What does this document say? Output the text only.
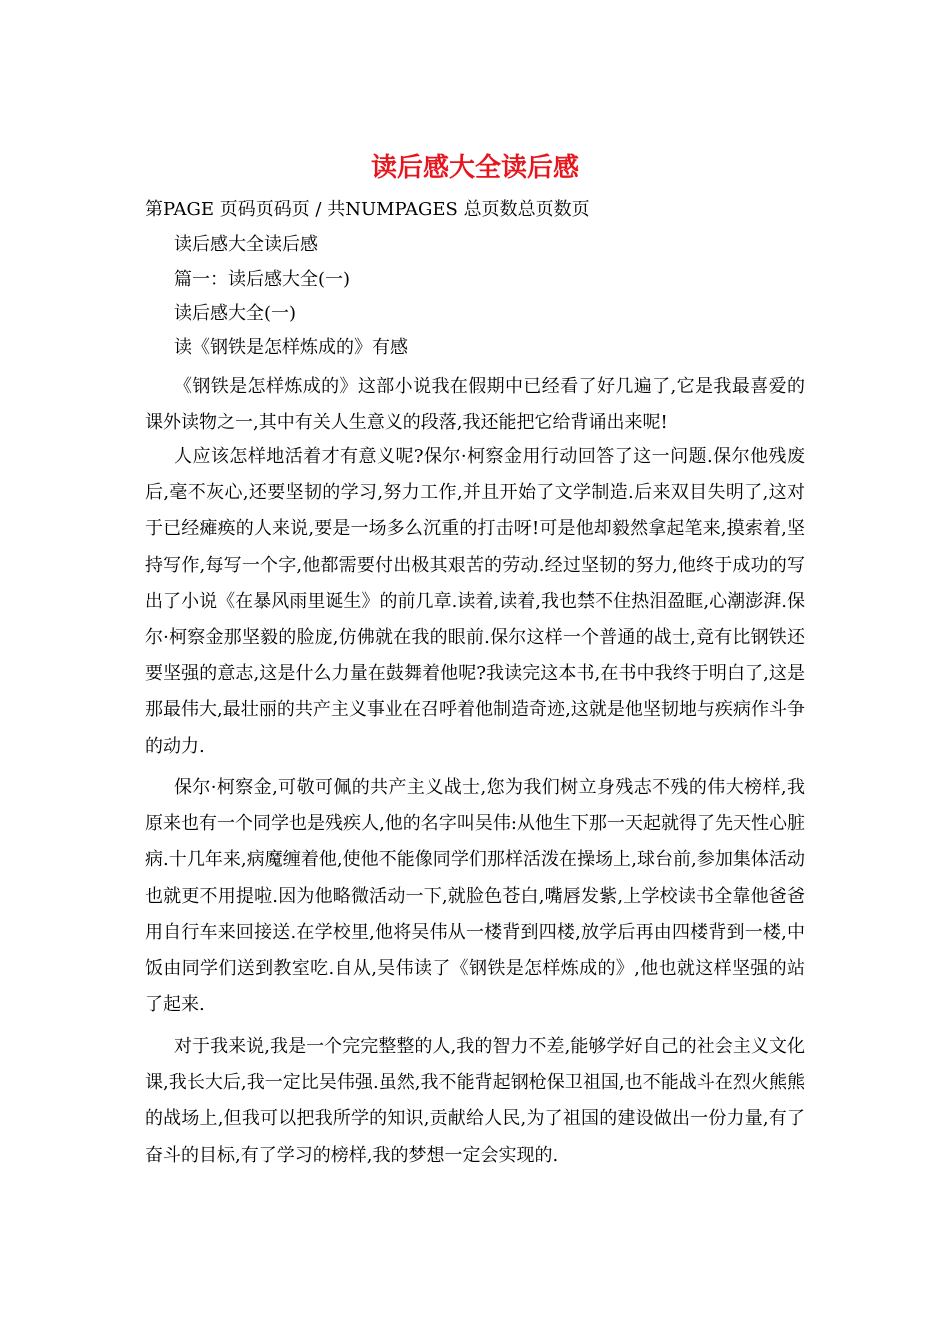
读后感大全读后感
第PAGE 页码页码页 / 共NUMPAGES 总页数总页数页
读后感大全读后感
篇一：读后感大全(一)
读后感大全(一)
读《钢铁是怎样炼成的》有感

《钢铁是怎样炼成的》这部小说我在假期中已经看了好几遍了,它是我最喜爱的课外读物之一,其中有关人生意义的段落,我还能把它给背诵出来呢!

人应该怎样地活着才有意义呢?保尔·柯察金用行动回答了这一问题.保尔他残废后,毫不灰心,还要坚韧的学习,努力工作,并且开始了文学制造.后来双目失明了,这对于已经瘫痪的人来说,要是一场多么沉重的打击呀!可是他却毅然拿起笔来,摸索着,坚持写作,每写一个字,他都需要付出极其艰苦的劳动.经过坚韧的努力,他终于成功的写出了小说《在暴风雨里诞生》的前几章.读着,读着,我也禁不住热泪盈眶,心潮澎湃.保尔·柯察金那坚毅的脸庞,仿佛就在我的眼前.保尔这样一个普通的战士,竟有比钢铁还要坚强的意志,这是什么力量在鼓舞着他呢?我读完这本书,在书中我终于明白了,这是那最伟大,最壮丽的共产主义事业在召呼着他制造奇迹,这就是他坚韧地与疾病作斗争的动力.

保尔·柯察金,可敬可佩的共产主义战士,您为我们树立身残志不残的伟大榜样,我原来也有一个同学也是残疾人,他的名字叫吴伟:从他生下那一天起就得了先天性心脏病.十几年来,病魔缠着他,使他不能像同学们那样活泼在操场上,球台前,参加集体活动也就更不用提啦.因为他略微活动一下,就脸色苍白,嘴唇发紫,上学校读书全靠他爸爸用自行车来回接送.在学校里,他将吴伟从一楼背到四楼,放学后再由四楼背到一楼,中饭由同学们送到教室吃.自从,吴伟读了《钢铁是怎样炼成的》,他也就这样坚强的站了起来.

对于我来说,我是一个完完整整的人,我的智力不差,能够学好自己的社会主义文化课,我长大后,我一定比吴伟强.虽然,我不能背起钢枪保卫祖国,也不能战斗在烈火熊熊的战场上,但我可以把我所学的知识,贡献给人民,为了祖国的建设做出一份力量,有了奋斗的目标,有了学习的榜样,我的梦想一定会实现的.
